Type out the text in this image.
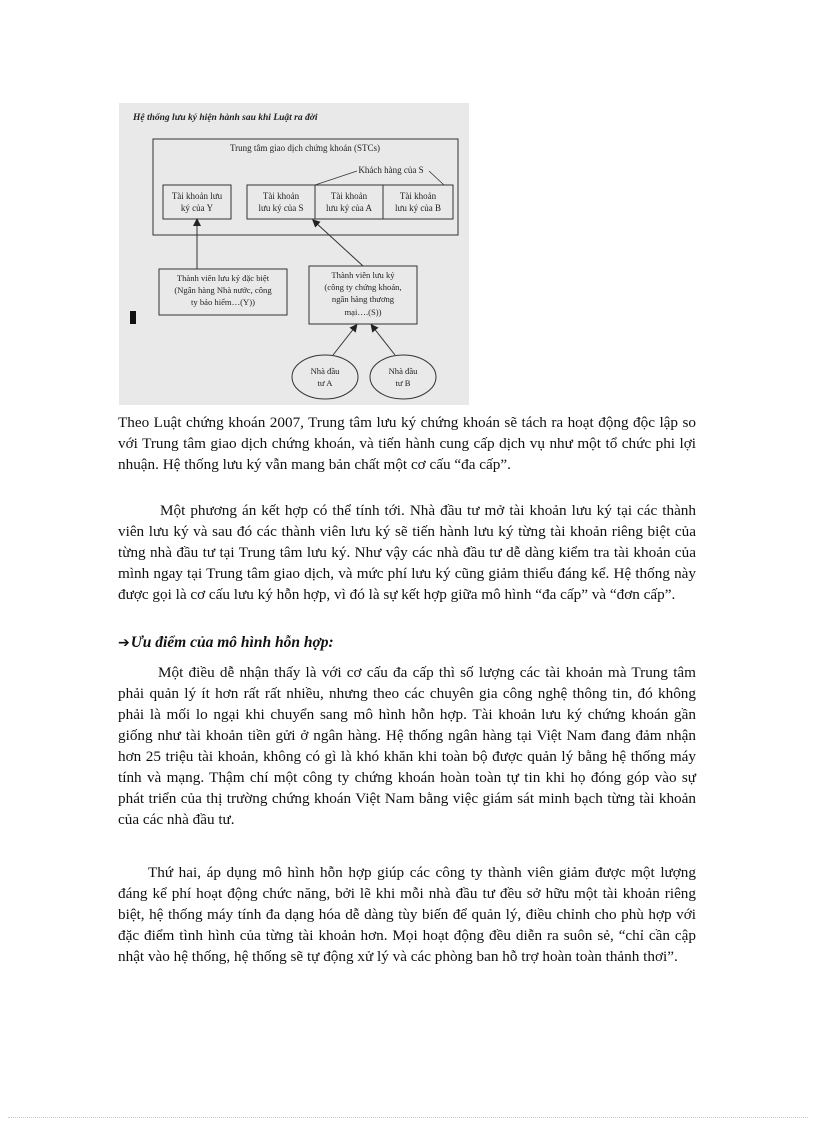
Hệ thống lưu ký hiện hành sau khi Luật ra đời
Trung tâm giao dịch chứng khoán (STCs)
Khách hàng của S
Tài khoản lưu
ký của Y
Tài khoản
lưu ký của S
Tài khoản
lưu ký của A
Tài khoản
lưu ký của B
Thành viên lưu ký đặc biệt
(Ngân hàng Nhà nước, công
ty bảo hiểm…(Y))
Thành viên lưu ký
(công ty chứng khoán,
ngân hàng thương
mại….(S))
Nhà đầu
tư A
Nhà đầu
tư B
Theo Luật chứng khoán 2007, Trung tâm lưu ký chứng khoán sẽ tách ra hoạt động độc lập so với Trung tâm giao dịch chứng khoán, và tiến hành cung cấp dịch vụ như một tổ chức phi lợi nhuận. Hệ thống lưu ký vẫn mang bản chất một cơ cấu “đa cấp”.
Một phương án kết hợp có thể tính tới. Nhà đầu tư mở tài khoản lưu ký tại các thành viên lưu ký và sau đó các thành viên lưu ký sẽ tiến hành lưu ký từng tài khoản riêng biệt của từng nhà đầu tư tại Trung tâm lưu ký. Như vậy các nhà đầu tư dễ dàng kiểm tra tài khoản của mình ngay tại Trung tâm giao dịch, và mức phí lưu ký cũng giảm thiểu đáng kể. Hệ thống này được gọi là cơ cấu lưu ký hỗn hợp, vì đó là sự kết hợp giữa mô hình “đa cấp” và “đơn cấp”.
➔Ưu điểm của mô hình hỗn hợp:
Một điều dễ nhận thấy là với cơ cấu đa cấp thì số lượng các tài khoản mà Trung tâm phải quản lý ít hơn rất rất nhiều, nhưng theo các chuyên gia công nghệ thông tin, đó không phải là mối lo ngại khi chuyển sang mô hình hỗn hợp. Tài khoản lưu ký chứng khoán gần giống như tài khoản tiền gửi ở ngân hàng. Hệ thống ngân hàng tại Việt Nam đang đảm nhận hơn 25 triệu tài khoản, không có gì là khó khăn khi toàn bộ được quản lý bằng hệ thống máy tính và mạng. Thậm chí một công ty chứng khoán hoàn toàn tự tin khi họ đóng góp vào sự phát triển của thị trường chứng khoán Việt Nam bằng việc giám sát minh bạch từng tài khoản của các nhà đầu tư.
Thứ hai, áp dụng mô hình hỗn hợp giúp các công ty thành viên giảm được một lượng đáng kể phí hoạt động chức năng, bởi lẽ khi mỗi nhà đầu tư đều sở hữu một tài khoản riêng biệt, hệ thống máy tính đa dạng hóa dễ dàng tùy biến để quản lý, điều chỉnh cho phù hợp với đặc điểm tình hình của từng tài khoản hơn. Mọi hoạt động đều diễn ra suôn sẻ, “chỉ cần cập nhật vào hệ thống, hệ thống sẽ tự động xử lý và các phòng ban hỗ trợ hoàn toàn thảnh thơi”.
